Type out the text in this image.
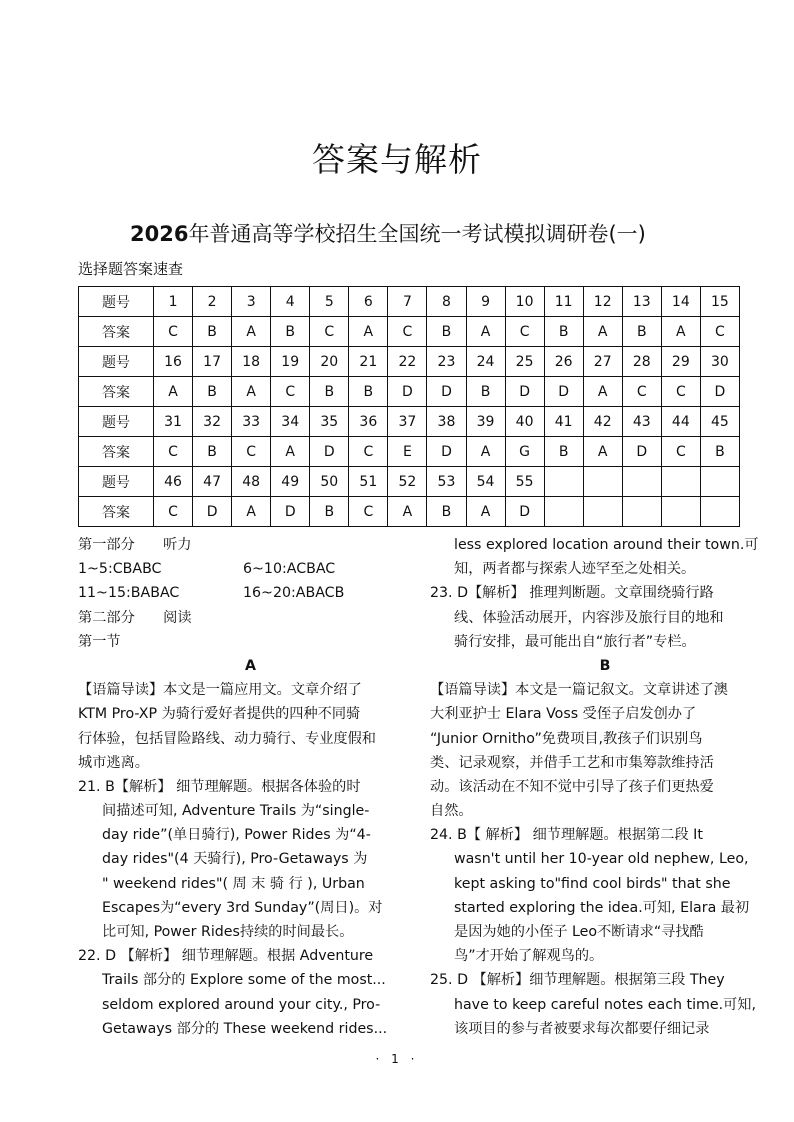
答案与解析
2026年普通高等学校招生全国统一考试模拟调研卷(一)
选择题答案速查
题号	1	2	3	4	5	6	7	8	9	10	11	12	13	14	15
答案	C	B	A	B	C	A	C	B	A	C	B	A	B	A	C
题号	16	17	18	19	20	21	22	23	24	25	26	27	28	29	30
答案	A	B	A	C	B	B	D	D	B	D	D	A	C	C	D
题号	31	32	33	34	35	36	37	38	39	40	41	42	43	44	45
答案	C	B	C	A	D	C	E	D	A	G	B	A	D	C	B
题号	46	47	48	49	50	51	52	53	54	55					
答案	C	D	A	D	B	C	A	B	A	D					
第一部分　　听力
1~5:CBABC	6~10:ACBAC
11~15:BABAC	16~20:ABACB
第二部分　　阅读
第一节
A
【语篇导读】本文是一篇应用文。文章介绍了
KTM Pro-XP 为骑行爱好者提供的四种不同骑
行体验，包括冒险路线、动力骑行、专业度假和
城市逃离。
21. B【解析】 细节理解题。根据各体验的时
间描述可知, Adventure Trails 为“single-
day ride”(单日骑行), Power Rides 为“4-
day rides"(4 天骑行), Pro-Getaways 为
" weekend rides"( 周 末 骑 行 ), Urban
Escapes为“every 3rd Sunday”(周日)。对
比可知, Power Rides持续的时间最长。
22. D 【解析】 细节理解题。根据 Adventure
Trails 部分的 Explore some of the most...
seldom explored around your city., Pro-
Getaways 部分的 These weekend rides...
less explored location around their town.可
知，两者都与探索人迹罕至之处相关。
23. D【解析】 推理判断题。文章围绕骑行路
线、体验活动展开，内容涉及旅行目的地和
骑行安排，最可能出自“旅行者”专栏。
B
【语篇导读】本文是一篇记叙文。文章讲述了澳
大利亚护士 Elara Voss 受侄子启发创办了
“Junior Ornitho”免费项目,教孩子们识别鸟
类、记录观察，并借手工艺和市集筹款维持活
动。该活动在不知不觉中引导了孩子们更热爱
自然。
24. B【 解析】 细节理解题。根据第二段 It
wasn't until her 10-year old nephew, Leo,
kept asking to"find cool birds" that she
started exploring the idea.可知, Elara 最初
是因为她的小侄子 Leo不断请求“寻找酷
鸟”才开始了解观鸟的。
25. D 【解析】细节理解题。根据第三段 They
have to keep careful notes each time.可知,
该项目的参与者被要求每次都要仔细记录
· 1 ·
